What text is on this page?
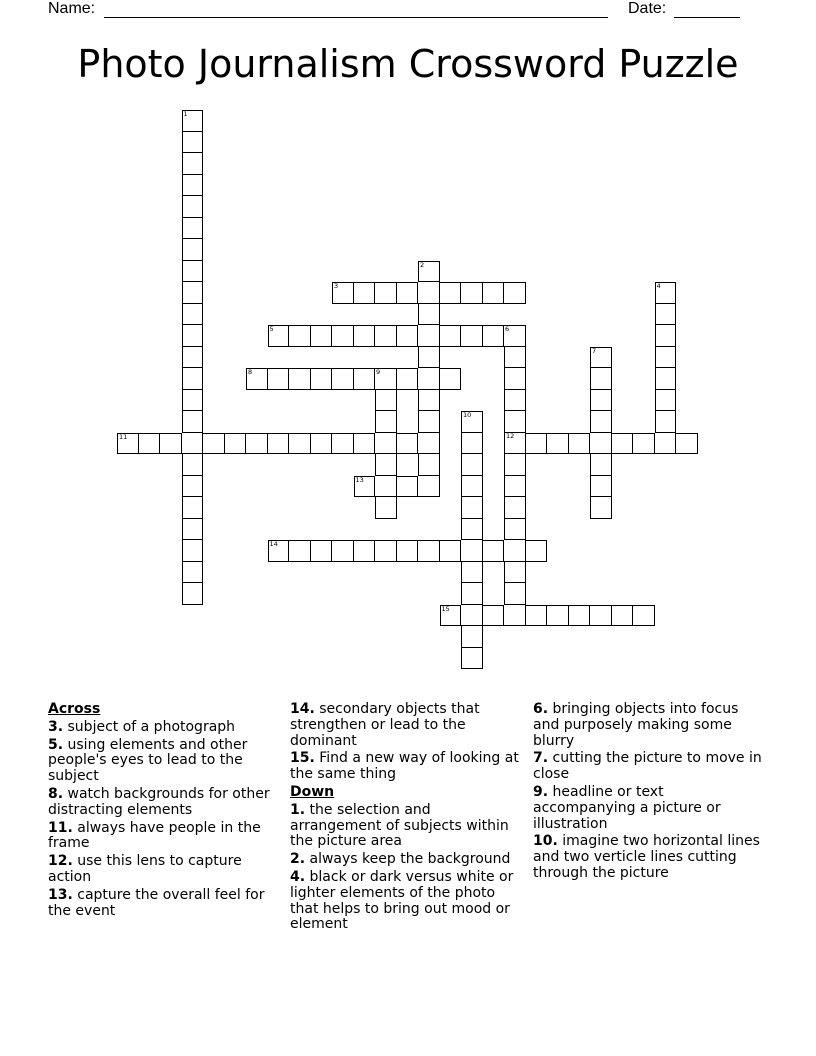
Name:	Date:
Photo Journalism Crossword Puzzle
1
2
3	4
5	6
12
7
8	9
10
11
13
14
15
Across
3. subject of a photograph
5. using elements and other people's eyes to lead to the subject
8. watch backgrounds for other distracting elements
11. always have people in the frame
12. use this lens to capture action
13. capture the overall feel for the event
14. secondary objects that strengthen or lead to the dominant
15. Find a new way of looking at the same thing
Down
1. the selection and arrangement of subjects within the picture area
2. always keep the background
4. black or dark versus white or lighter elements of the photo that helps to bring out mood or element
6. bringing objects into focus and purposely making some blurry
7. cutting the picture to move in close
9. headline or text accompanying a picture or illustration
10. imagine two horizontal lines and two verticle lines cutting through the picture
